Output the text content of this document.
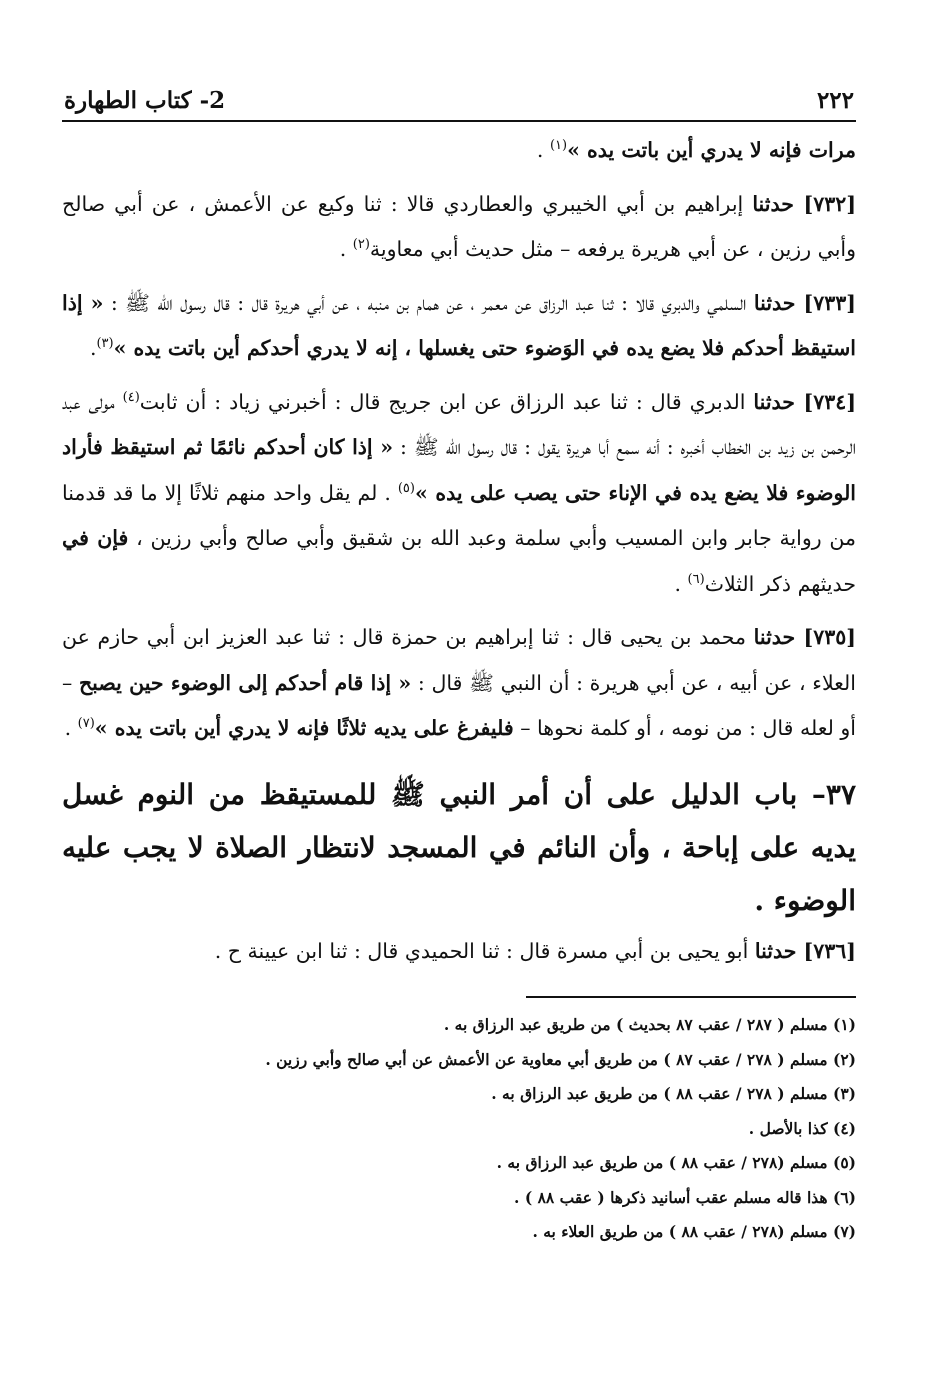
٢٢٢
2- كتاب الطهارة

مرات فإنه لا يدري أين باتت يده »$^{(١)}$ .

[٧٣٢] حدثنا إبراهيم بن أبي الخيبري والعطاردي قالا : ثنا وكيع عن الأعمش ، عن أبي صالح وأبي رزين ، عن أبي هريرة يرفعه – مثل حديث أبي معاوية$^{(٢)}$ .

[٧٣٣] حدثنا السلمي والدبري قالا : ثنا عبد الرزاق عن معمر ، عن همام بن منبه ، عن أبي هريرة قال : قال رسول الله ﷺ : « إذا استيقظ أحدكم فلا يضع يده في الوَضوء حتى يغسلها ، إنه لا يدري أحدكم أين باتت يده »$^{(٣)}$.

[٧٣٤] حدثنا الدبري قال : ثنا عبد الرزاق عن ابن جريج قال : أخبرني زياد : أن ثابت$^{(٤)}$ مولى عبد الرحمن بن زيد بن الخطاب أخبره : أنه سمع أبا هريرة يقول : قال رسول الله ﷺ : « إذا كان أحدكم نائمًا ثم استيقظ فأراد الوضوء فلا يضع يده في الإناء حتى يصب على يده »$^{(٥)}$ . لم يقل واحد منهم ثلاثًا إلا ما قد قدمنا من رواية جابر وابن المسيب وأبي سلمة وعبد الله بن شقيق وأبي صالح وأبي رزين ، فإن في حديثهم ذكر الثلاث$^{(٦)}$ .

[٧٣٥] حدثنا محمد بن يحيى قال : ثنا إبراهيم بن حمزة قال : ثنا عبد العزيز ابن أبي حازم عن العلاء ، عن أبيه ، عن أبي هريرة : أن النبي ﷺ قال : « إذا قام أحدكم إلى الوضوء حين يصبح – أو لعله قال : من نومه ، أو كلمة نحوها – فليفرغ على يديه ثلاثًا فإنه لا يدري أين باتت يده »$^{(٧)}$ .

٣٧– باب الدليل على أن أمر النبي ﷺ للمستيقظ من النوم غسل يديه على إباحة ، وأن النائم في المسجد لانتظار الصلاة لا يجب عليه الوضوء .

[٧٣٦] حدثنا أبو يحيى بن أبي مسرة قال : ثنا الحميدي قال : ثنا ابن عيينة ح .

(١) مسلم ( ٢٨٧ / عقب ٨٧ بحديث ) من طريق عبد الرزاق به .
(٢) مسلم ( ٢٧٨ / عقب ٨٧ ) من طريق أبي معاوية عن الأعمش عن أبي صالح وأبي رزين .
(٣) مسلم ( ٢٧٨ / عقب ٨٨ ) من طريق عبد الرزاق به .
(٤) كذا بالأصل .
(٥) مسلم (٢٧٨ / عقب ٨٨ ) من طريق عبد الرزاق به .
(٦) هذا قاله مسلم عقب أسانيد ذكرها ( عقب ٨٨ ) .
(٧) مسلم (٢٧٨ / عقب ٨٨ ) من طريق العلاء به .
